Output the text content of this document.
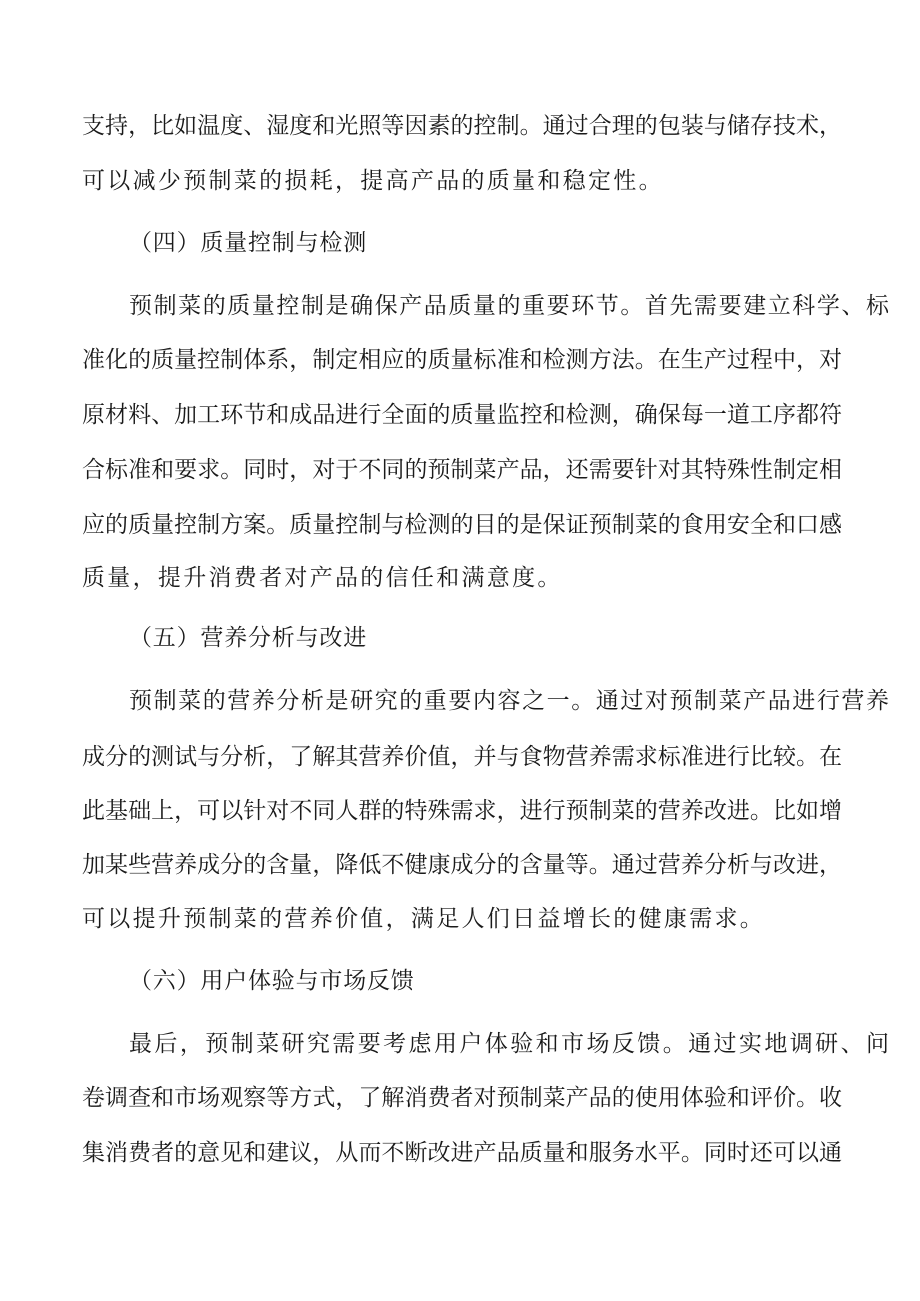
支持，比如温度、湿度和光照等因素的控制。通过合理的包装与储存技术，
可以减少预制菜的损耗，提高产品的质量和稳定性。
（四）质量控制与检测
预制菜的质量控制是确保产品质量的重要环节。首先需要建立科学、标
准化的质量控制体系，制定相应的质量标准和检测方法。在生产过程中，对
原材料、加工环节和成品进行全面的质量监控和检测，确保每一道工序都符
合标准和要求。同时，对于不同的预制菜产品，还需要针对其特殊性制定相
应的质量控制方案。质量控制与检测的目的是保证预制菜的食用安全和口感
质量，提升消费者对产品的信任和满意度。
（五）营养分析与改进
预制菜的营养分析是研究的重要内容之一。通过对预制菜产品进行营养
成分的测试与分析，了解其营养价值，并与食物营养需求标准进行比较。在
此基础上，可以针对不同人群的特殊需求，进行预制菜的营养改进。比如增
加某些营养成分的含量，降低不健康成分的含量等。通过营养分析与改进，
可以提升预制菜的营养价值，满足人们日益增长的健康需求。
（六）用户体验与市场反馈
最后，预制菜研究需要考虑用户体验和市场反馈。通过实地调研、问
卷调查和市场观察等方式，了解消费者对预制菜产品的使用体验和评价。收
集消费者的意见和建议，从而不断改进产品质量和服务水平。同时还可以通
